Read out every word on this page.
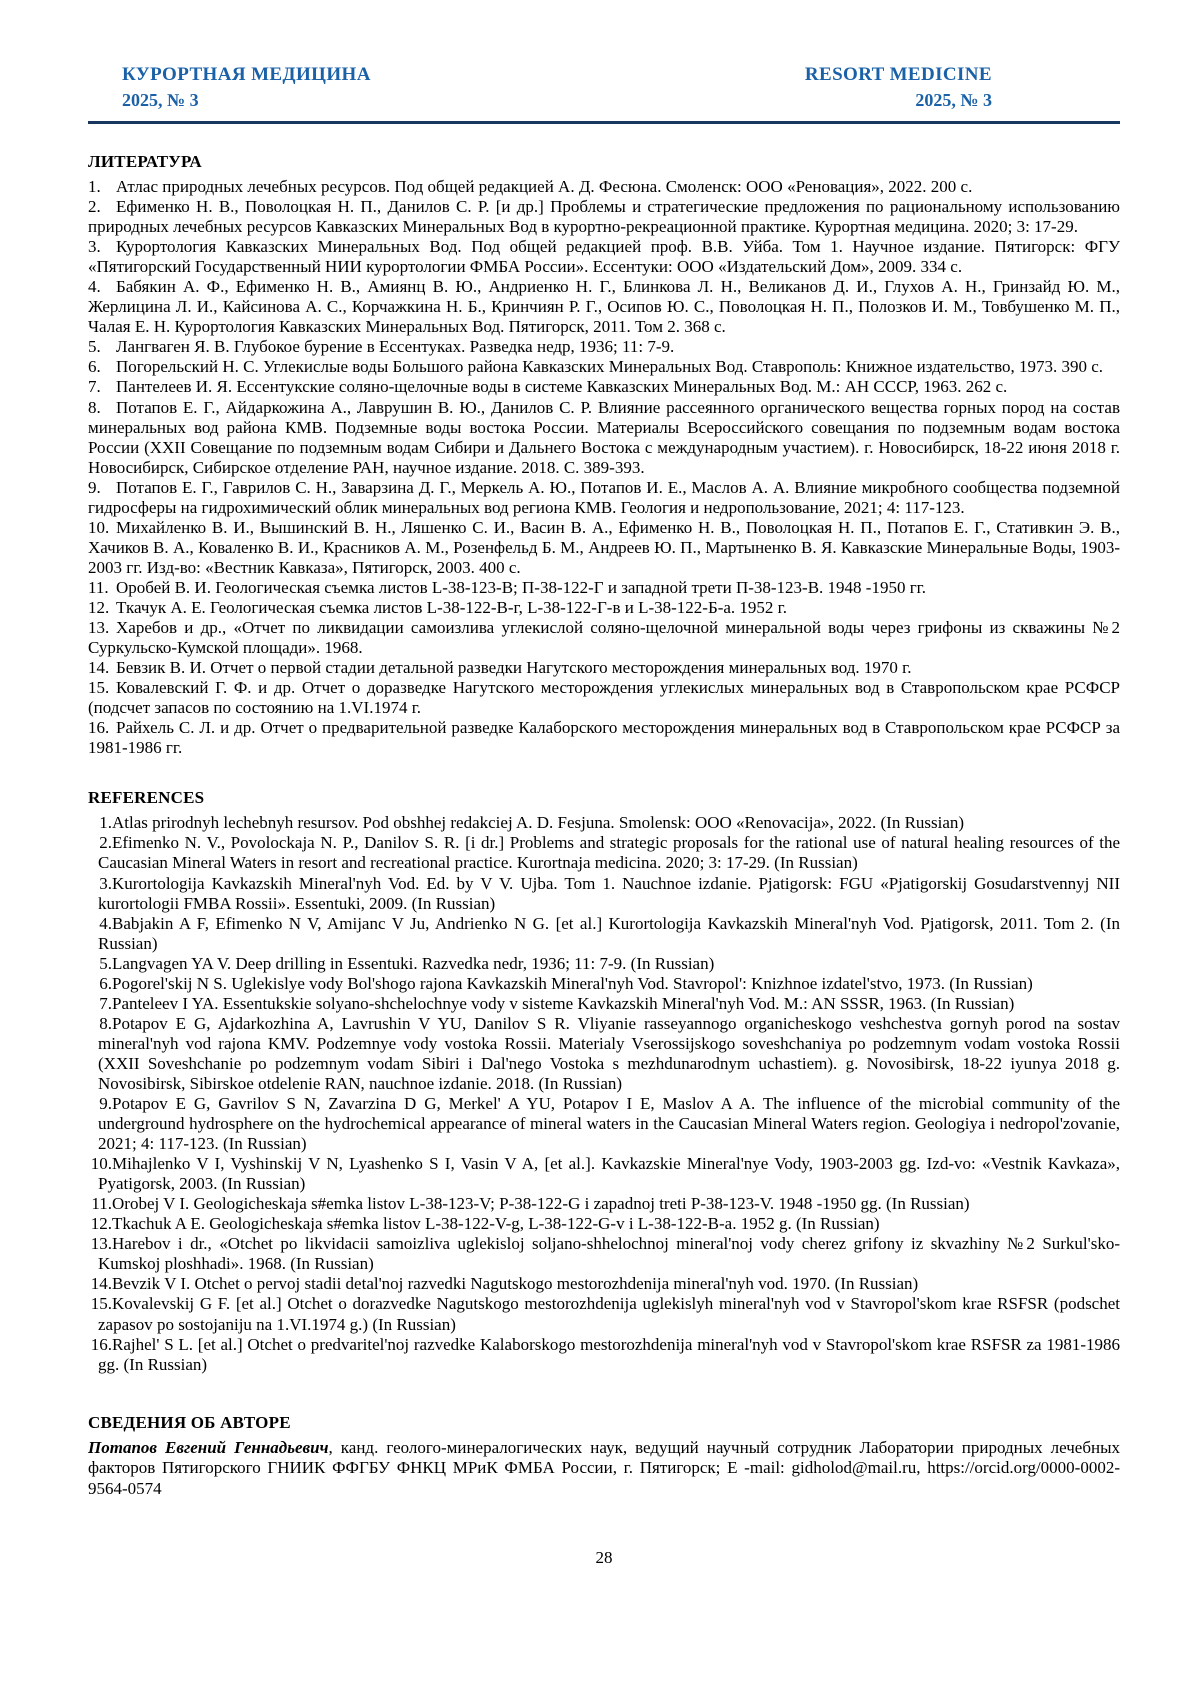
КУРОРТНАЯ МЕДИЦИНА
2025, № 3
RESORT MEDICINE
2025, № 3
ЛИТЕРАТУРА

1. Атлас природных лечебных ресурсов. Под общей редакцией А. Д. Фесюна. Смоленск: ООО «Реновация», 2022. 200 с.

2. Ефименко Н. В., Поволоцкая Н. П., Данилов С. Р. [и др.] Проблемы и стратегические предложения по рациональному использованию природных лечебных ресурсов Кавказских Минеральных Вод в курортно-рекреационной практике. Курортная медицина. 2020; 3: 17-29.

3. Курортология Кавказских Минеральных Вод. Под общей редакцией проф. В.В. Уйба. Том 1. Научное издание. Пятигорск: ФГУ «Пятигорский Государственный НИИ курортологии ФМБА России». Ессентуки: ООО «Издательский Дом», 2009. 334 с.

4. Бабякин А. Ф., Ефименко Н. В., Амиянц В. Ю., Андриенко Н. Г., Блинкова Л. Н., Великанов Д. И., Глухов А. Н., Гринзайд Ю. М., Жерлицина Л. И., Кайсинова А. С., Корчажкина Н. Б., Кринчиян Р. Г., Осипов Ю. С., Поволоцкая Н. П., Полозков И. М., Товбушенко М. П., Чалая Е. Н. Курортология Кавказских Минеральных Вод. Пятигорск, 2011. Том 2. 368 с.

5. Лангваген Я. В. Глубокое бурение в Ессентуках. Разведка недр, 1936; 11: 7-9.

6. Погорельский Н. С. Углекислые воды Большого района Кавказских Минеральных Вод. Ставрополь: Книжное издательство, 1973. 390 с.

7. Пантелеев И. Я. Ессентукские соляно-щелочные воды в системе Кавказских Минеральных Вод. М.: АН СССР, 1963. 262 с.

8. Потапов Е. Г., Айдаркожина А., Лаврушин В. Ю., Данилов С. Р. Влияние рассеянного органического вещества горных пород на состав минеральных вод района КМВ. Подземные воды востока России. Материалы Всероссийского совещания по подземным водам востока России (XXII Совещание по подземным водам Сибири и Дальнего Востока с международным участием). г. Новосибирск, 18-22 июня 2018 г. Новосибирск, Сибирское отделение РАН, научное издание. 2018. С. 389-393.

9. Потапов Е. Г., Гаврилов С. Н., Заварзина Д. Г., Меркель А. Ю., Потапов И. Е., Маслов А. А. Влияние микробного сообщества подземной гидросферы на гидрохимический облик минеральных вод региона КМВ. Геология и недропользование, 2021; 4: 117-123.

10. Михайленко В. И., Вышинский В. Н., Ляшенко С. И., Васин В. А., Ефименко Н. В., Поволоцкая Н. П., Потапов Е. Г., Стативкин Э. В., Хачиков В. А., Коваленко В. И., Красников А. М., Розенфельд Б. М., Андреев Ю. П., Мартыненко В. Я. Кавказские Минеральные Воды, 1903-2003 гг. Изд-во: «Вестник Кавказа», Пятигорск, 2003. 400 с.

11. Оробей В. И. Геологическая съемка листов L-38-123-В; П-38-122-Г и западной трети П-38-123-В. 1948 -1950 гг.

12. Ткачук А. Е. Геологическая съемка листов L-38-122-В-г, L-38-122-Г-в и L-38-122-Б-а. 1952 г.

13. Харебов и др., «Отчет по ликвидации самоизлива углекислой соляно-щелочной минеральной воды через грифоны из скважины №2 Суркульско-Кумской площади». 1968.

14. Бевзик В. И. Отчет о первой стадии детальной разведки Нагутского месторождения минеральных вод. 1970 г.

15. Ковалевский Г. Ф. и др. Отчет о доразведке Нагутского месторождения углекислых минеральных вод в Ставропольском крае РСФСР (подсчет запасов по состоянию на 1.VI.1974 г.

16. Райхель С. Л. и др. Отчет о предварительной разведке Калаборского месторождения минеральных вод в Ставропольском крае РСФСР за 1981-1986 гг.

REFERENCES

1.Atlas prirodnyh lechebnyh resursov. Pod obshhej redakciej A. D. Fesjuna. Smolensk: OOO «Renovacija», 2022. (In Russian)

2.Efimenko N. V., Povolockaja N. P., Danilov S. R. [i dr.] Problems and strategic proposals for the rational use of natural healing resources of the Caucasian Mineral Waters in resort and recreational practice. Kurortnaja medicina. 2020; 3: 17-29. (In Russian)

3.Kurortologija Kavkazskih Mineral'nyh Vod. Ed. by V V. Ujba. Tom 1. Nauchnoe izdanie. Pjatigorsk: FGU «Pjatigorskij Gosudarstvennyj NII kurortologii FMBA Rossii». Essentuki, 2009. (In Russian)

4.Babjakin A F, Efimenko N V, Amijanc V Ju, Andrienko N G. [et al.] Kurortologija Kavkazskih Mineral'nyh Vod. Pjatigorsk, 2011. Tom 2. (In Russian)

5.Langvagen YA V. Deep drilling in Essentuki. Razvedka nedr, 1936; 11: 7-9. (In Russian)

6.Pogorel'skij N S. Uglekislye vody Bol'shogo rajona Kavkazskih Mineral'nyh Vod. Stavropol': Knizhnoe izdatel'stvo, 1973. (In Russian)

7.Panteleev I YA. Essentukskie solyano-shchelochnye vody v sisteme Kavkazskih Mineral'nyh Vod. M.: AN SSSR, 1963. (In Russian)

8.Potapov E G, Ajdarkozhina A, Lavrushin V YU, Danilov S R. Vliyanie rasseyannogo organicheskogo veshchestva gornyh porod na sostav mineral'nyh vod rajona KMV. Podzemnye vody vostoka Rossii. Materialy Vserossijskogo soveshchaniya po podzemnym vodam vostoka Rossii (XXII Soveshchanie po podzemnym vodam Sibiri i Dal'nego Vostoka s mezhdunarodnym uchastiem). g. Novosibirsk, 18-22 iyunya 2018 g. Novosibirsk, Sibirskoe otdelenie RAN, nauchnoe izdanie. 2018. (In Russian)

9.Potapov E G, Gavrilov S N, Zavarzina D G, Merkel' A YU, Potapov I E, Maslov A A. The influence of the microbial community of the underground hydrosphere on the hydrochemical appearance of mineral waters in the Caucasian Mineral Waters region. Geologiya i nedropol'zovanie, 2021; 4: 117-123. (In Russian)

10.Mihajlenko V I, Vyshinskij V N, Lyashenko S I, Vasin V A, [et al.]. Kavkazskie Mineral'nye Vody, 1903-2003 gg. Izd-vo: «Vestnik Kavkaza», Pyatigorsk, 2003. (In Russian)

11.Orobej V I. Geologicheskaja s#emka listov L-38-123-V; P-38-122-G i zapadnoj treti P-38-123-V. 1948 -1950 gg. (In Russian)

12.Tkachuk A E. Geologicheskaja s#emka listov L-38-122-V-g, L-38-122-G-v i L-38-122-B-a. 1952 g. (In Russian)

13.Harebov i dr., «Otchet po likvidacii samoizliva uglekisloj soljano-shhelochnoj mineral'noj vody cherez grifony iz skvazhiny №2 Surkul'sko-Kumskoj ploshhadi». 1968. (In Russian)

14.Bevzik V I. Otchet o pervoj stadii detal'noj razvedki Nagutskogo mestorozhdenija mineral'nyh vod. 1970. (In Russian)

15.Kovalevskij G F. [et al.] Otchet o dorazvedke Nagutskogo mestorozhdenija uglekislyh mineral'nyh vod v Stavropol'skom krae RSFSR (podschet zapasov po sostojaniju na 1.VI.1974 g.) (In Russian)

16.Rajhel' S L. [et al.] Otchet o predvaritel'noj razvedke Kalaborskogo mestorozhdenija mineral'nyh vod v Stavropol'skom krae RSFSR za 1981-1986 gg. (In Russian)

СВЕДЕНИЯ ОБ АВТОРЕ

Потапов Евгений Геннадьевич, канд. геолого-минералогических наук, ведущий научный сотрудник Лаборатории природных лечебных факторов Пятигорского ГНИИК ФФГБУ ФНКЦ МРиК ФМБА России, г. Пятигорск; E -mail: gidholod@mail.ru, https://orcid.org/0000-0002-9564-0574

28
